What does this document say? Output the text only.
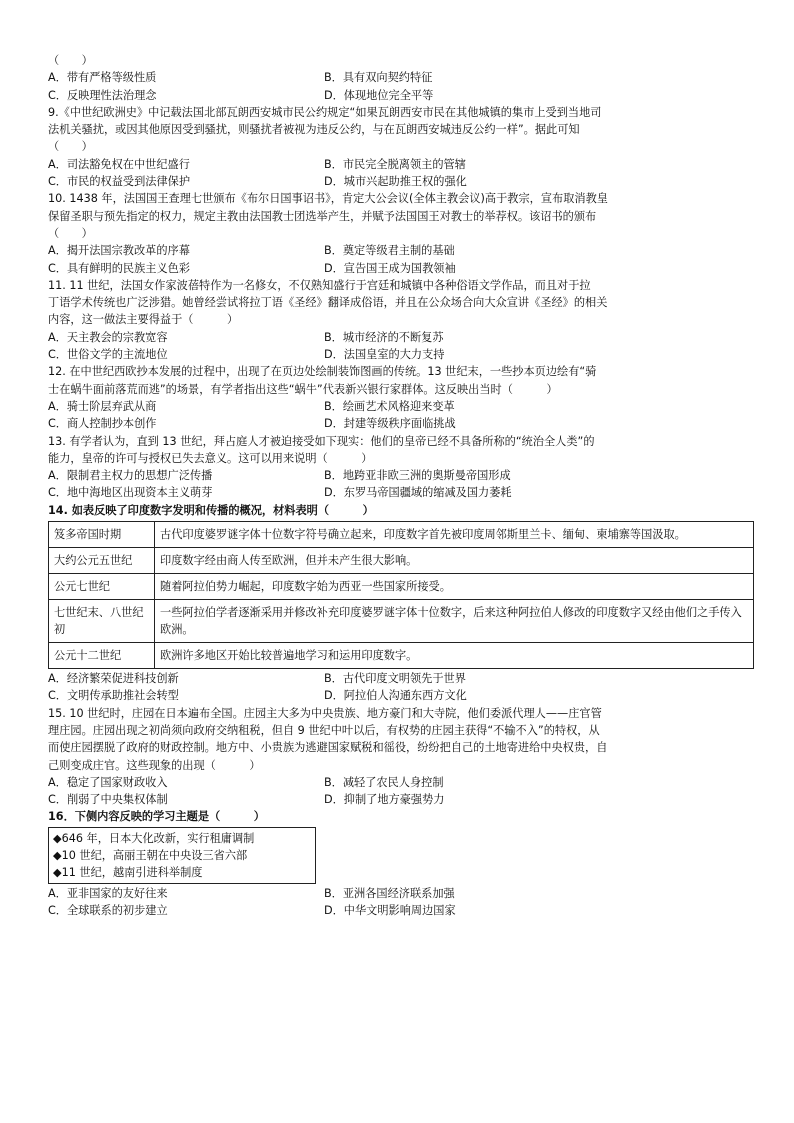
（　　）
A．带有严格等级性质	B．具有双向契约特征
C．反映理性法治理念	D．体现地位完全平等
9.《中世纪欧洲史》中记载法国北部瓦朗西安城市民公约规定“如果瓦朗西安市民在其他城镇的集市上受到当地司
法机关骚扰，或因其他原因受到骚扰，则骚扰者被视为违反公约，与在瓦朗西安城违反公约一样”。据此可知
（　　）
A．司法豁免权在中世纪盛行	B．市民完全脱离领主的管辖
C．市民的权益受到法律保护	D．城市兴起助推王权的强化
10. 1438 年，法国国王查理七世颁布《布尔日国事诏书》，肯定大公会议(全体主教会议)高于教宗，宣布取消教皇
保留圣职与预先指定的权力，规定主教由法国教士团选举产生，并赋予法国国王对教士的举荐权。该诏书的颁布
（　　）
A．揭开法国宗教改革的序幕	B．奠定等级君主制的基础
C．具有鲜明的民族主义色彩	D．宣告国王成为国教领袖
11. 11 世纪，法国女作家波蓓特作为一名修女，不仅熟知盛行于宫廷和城镇中各种俗语文学作品，而且对于拉
丁语学术传统也广泛涉猎。她曾经尝试将拉丁语《圣经》翻译成俗语，并且在公众场合向大众宣讲《圣经》的相关
内容，这一做法主要得益于（　　　）
A．天主教会的宗教宽容	B．城市经济的不断复苏
C．世俗文学的主流地位	D．法国皇室的大力支持
12. 在中世纪西欧抄本发展的过程中，出现了在页边处绘制装饰图画的传统。13 世纪末，一些抄本页边绘有“骑
士在蜗牛面前落荒而逃”的场景，有学者指出这些“蜗牛”代表新兴银行家群体。这反映出当时（　　　）
A．骑士阶层弃武从商	B．绘画艺术风格迎来变革
C．商人控制抄本创作	D．封建等级秩序面临挑战
13. 有学者认为，直到 13 世纪，拜占庭人才被迫接受如下现实：他们的皇帝已经不具备所称的“统治全人类”的
能力，皇帝的许可与授权已失去意义。这可以用来说明（　　　）
A．限制君主权力的思想广泛传播	B．地跨亚非欧三洲的奥斯曼帝国形成
C．地中海地区出现资本主义萌芽	D．东罗马帝国疆域的缩减及国力萎耗
14. 如表反映了印度数字发明和传播的概况，材料表明（　　　）
笈多帝国时期	古代印度婆罗谜字体十位数字符号确立起来，印度数字首先被印度周邻斯里兰卡、缅甸、柬埔寨等国汲取。
大约公元五世纪	印度数字经由商人传至欧洲，但并未产生很大影响。
公元七世纪	随着阿拉伯势力崛起，印度数字始为西亚一些国家所接受。
七世纪末、八世纪初	一些阿拉伯学者逐渐采用并修改补充印度婆罗谜字体十位数字，后来这种阿拉伯人修改的印度数字又经由他们之手传入欧洲。
公元十二世纪	欧洲许多地区开始比较普遍地学习和运用印度数字。
A．经济繁荣促进科技创新	B．古代印度文明领先于世界
C．文明传承助推社会转型	D．阿拉伯人沟通东西方文化
15. 10 世纪时，庄园在日本遍布全国。庄园主大多为中央贵族、地方豪门和大寺院，他们委派代理人——庄官管
理庄园。庄园出现之初尚须向政府交纳租税，但自 9 世纪中叶以后，有权势的庄园主获得“不输不入”的特权，从
而使庄园摆脱了政府的财政控制。地方中、小贵族为逃避国家赋税和徭役，纷纷把自己的土地寄进给中央权贵，自
己则变成庄官。这些现象的出现（　　　）
A．稳定了国家财政收入	B．减轻了农民人身控制
C．削弱了中央集权体制	D．抑制了地方豪强势力
16．下侧内容反映的学习主题是（　　　）
◆646 年，日本大化改新，实行租庸调制
◆10 世纪，高丽王朝在中央设三省六部
◆11 世纪，越南引进科举制度
A．亚非国家的友好往来	B．亚洲各国经济联系加强
C．全球联系的初步建立	D．中华文明影响周边国家
